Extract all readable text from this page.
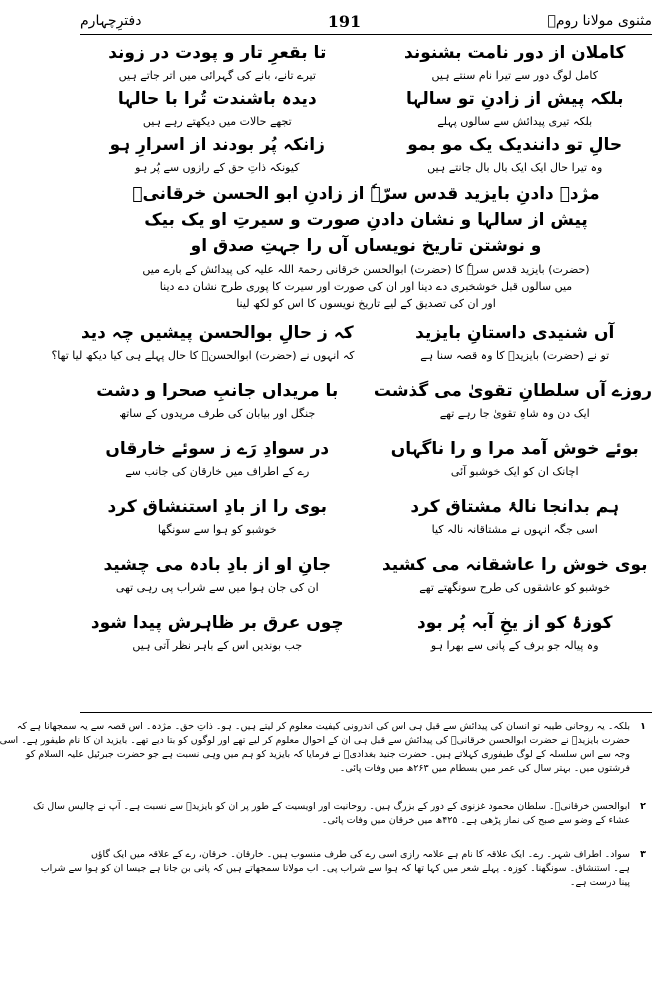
مثنوی مولانا رومؒ
191
دفترِچہارم
کاملان از دور نامت بشنوند
تا بقعرِ تار و پودت در زوند
کامل لوگ دور سے تیرا نام سنتے ہیں
تیرے تانے، بانے کی گہرائی میں اتر جاتے ہیں
بلکہ پیش از زادنِ تو سالہا
دیدہ باشندت تُرا با حالہا
بلکہ تیری پیدائش سے سالوں پہلے
تجھے حالات میں دیکھتے رہے ہیں
حالِ تو دانندیک یک مو بمو
زانکہ پُر بودند از اسرارِ ہو
وہ تیرا حال ایک ایک بال بال جانتے ہیں
کیونکہ ذاتِ حق کے رازوں سے پُر ہو
مژدہ دادنِ بایزید قدس سرّہٗ از زادنِ ابو الحسن خرقانیؒ
پیش از سالہا و نشان دادنِ صورت و سیرتِ او یک بیک
و نوشتن تاریخ نویساں آں را جہتِ صدق او
(حضرت) بایزید قدس سرہٗ کا (حضرت) ابوالحسن خرقانی رحمۃ اللہ علیہ کی پیدائش کے بارے میں
میں سالوں قبل خوشخبری دے دینا اور ان کی صورت اور سیرت کا پوری طرح نشان دے دینا
اور ان کی تصدیق کے لیے تاریخ نویسوں کا اس کو لکھ لینا
آں شنیدی داستانِ بایزید
کہ ز حالِ بوالحسن پیشیں چہ دید
تو نے (حضرت) بایزیدؒ کا وہ قصہ سنا ہے
کہ انہوں نے (حضرت) ابوالحسنؒ کا حال پہلے ہی کیا دیکھ لیا تھا؟
روزے آں سلطانِ تقویٰ می گذشت
با مریداں جانبِ صحرا و دشت
ایک دن وہ شاہِ تقویٰ جا رہے تھے
جنگل اور بیابان کی طرف مریدوں کے ساتھ
بوئے خوش آمد مرا و را ناگہاں
در سوادِ رَے ز سوئے خارقاں
اچانک ان کو ایک خوشبو آئی
رے کے اطراف میں خارقان کی جانب سے
ہم بدانجا نالۂ مشتاق کرد
بوی را از بادِ استنشاق کرد
اسی جگہ انہوں نے مشتاقانہ نالہ کیا
خوشبو کو ہوا سے سونگھا
بوی خوش را عاشقانہ می کشید
جانِ او از بادِ بادہ می چشید
خوشبو کو عاشقوں کی طرح سونگھتے تھے
ان کی جان ہوا میں سے شراب پی رہی تھی
کوزۂ کو از یخِ آبہ پُر بود
چوں عرق بر ظاہرش پیدا شود
وہ پیالہ جو برف کے پانی سے بھرا ہو
جب بوندیں اس کے باہر نظر آتی ہیں
۱
بلکہ۔ یہ روحانی طیبہ تو انسان کی پیدائش سے قبل ہی اس کی اندرونی کیفیت معلوم کر لیتے ہیں۔ ہو۔ ذاتِ حق۔ مژدہ۔ اس قصہ سے یہ سمجھانا ہے کہ
حضرت بایزیدؒ نے حضرت ابوالحسن خرقانیؒ کی پیدائش سے قبل ہی ان کے احوال معلوم کر لیے تھے اور لوگوں کو بتا دیے تھے۔ بایزید ان کا نام طیفور ہے۔ اسی
وجہ سے اس سلسلہ کے لوگ طیفوری کہلاتے ہیں۔ حضرت جنید بغدادیؒ نے فرمایا کہ بایزید کو ہم میں وہی نسبت ہے جو حضرت جبرئیل علیہ السلام کو
فرشتوں میں۔ بہتر سال کی عمر میں بسطام میں ۲۶۳ھ میں وفات پائی۔
۲
ابوالحسن خرقانیؒ۔ سلطان محمود غزنوی کے دور کے بزرگ ہیں۔ روحانیت اور اویسیت کے طور پر ان کو بایزیدؒ سے نسبت ہے۔ آپ نے چالیس سال تک
عشاء کے وضو سے صبح کی نماز پڑھی ہے۔ ۴۲۵ھ میں خرقان میں وفات پائی۔
۳
سواد۔ اطراف شہر۔ رے۔ ایک علاقہ کا نام ہے علامہ رازی اسی رے کی طرف منسوب ہیں۔ خارقان۔ خرقان، رے کے علاقہ میں ایک گاؤں
ہے۔ استنشاق۔ سونگھنا۔ کوزہ۔ پہلے شعر میں کہا تھا کہ ہوا سے شراب پی۔ اب مولانا سمجھاتے ہیں کہ پانی بن جانا ہے جیسا ان کو ہوا سے شراب
پینا درست ہے۔
